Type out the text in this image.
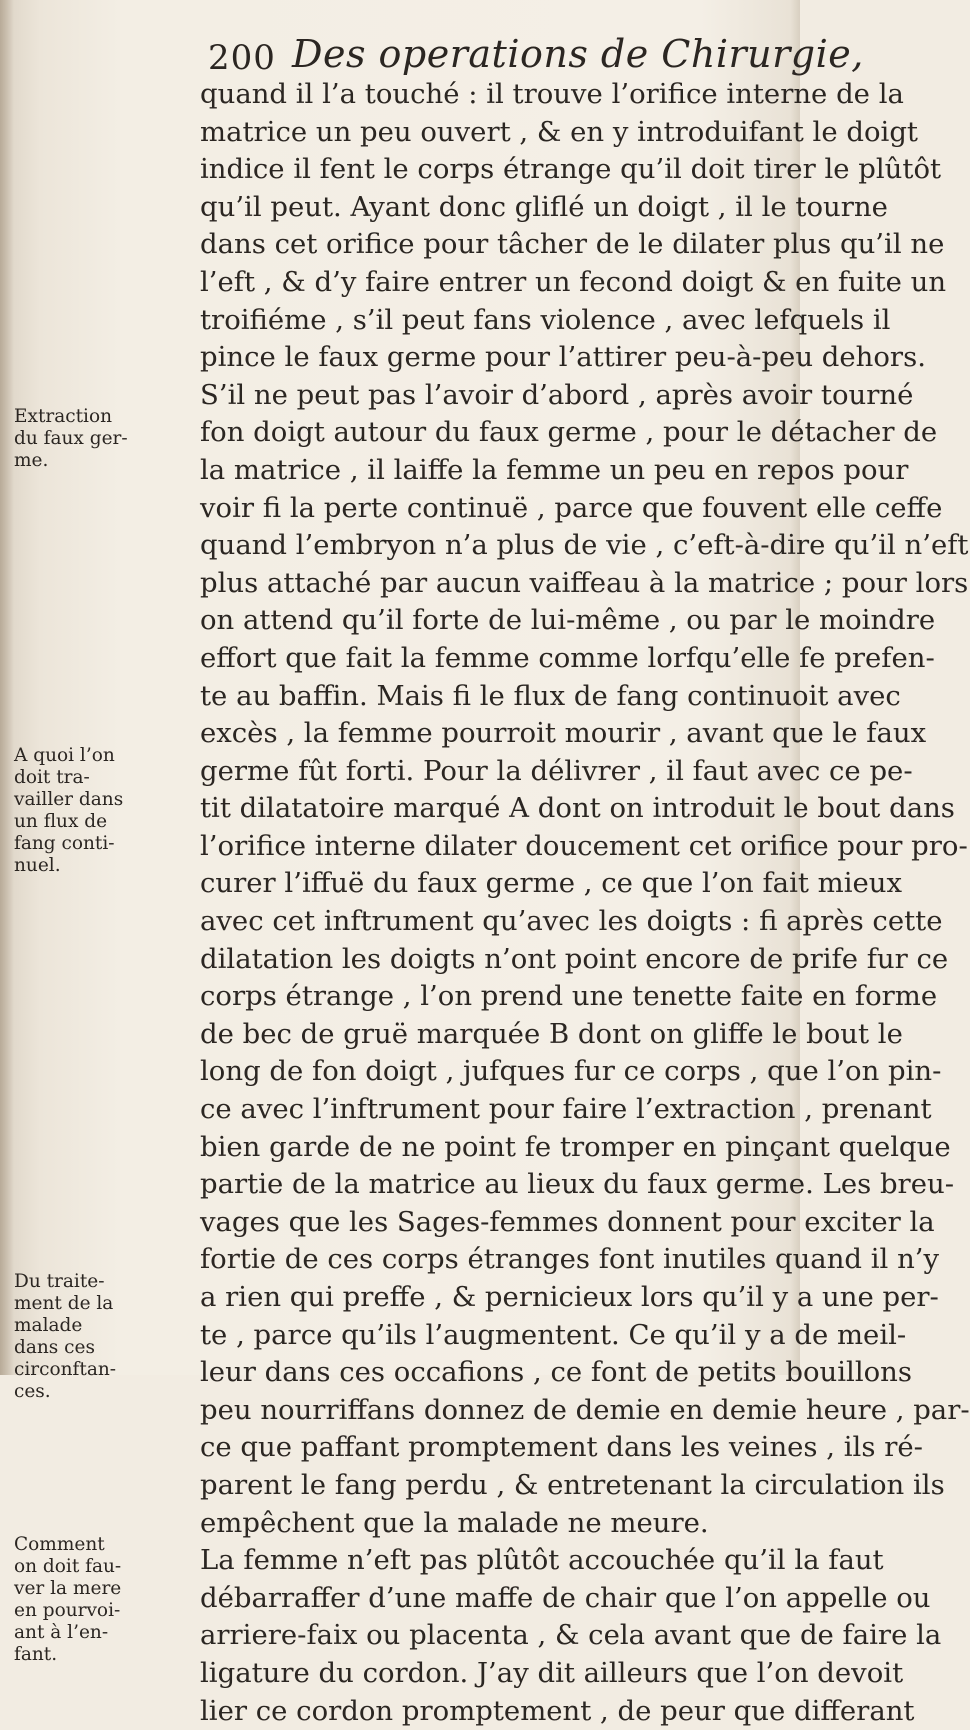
200 Des operations de Chirurgie,
quand il l’a touché : il trouve l’orifice interne de la
matrice un peu ouvert , & en y introduifant le doigt
indice il fent le corps étrange qu’il doit tirer le plûtôt
qu’il peut. Ayant donc gliflé un doigt , il le tourne
dans cet orifice pour tâcher de le dilater plus qu’il ne
l’eft , & d’y faire entrer un fecond doigt & en fuite un
troifiéme , s’il peut fans violence , avec lefquels il
pince le faux germe pour l’attirer peu-à-peu dehors.
S’il ne peut pas l’avoir d’abord , après avoir tourné
fon doigt autour du faux germe , pour le détacher de
la matrice , il laiffe la femme un peu en repos pour
voir fi la perte continuë , parce que fouvent elle ceffe
quand l’embryon n’a plus de vie , c’eft-à-dire qu’il n’eft
plus attaché par aucun vaiffeau à la matrice ; pour lors
on attend qu’il forte de lui-même , ou par le moindre
effort que fait la femme comme lorfqu’elle fe prefen-
te au baffin. Mais fi le flux de fang continuoit avec
excès , la femme pourroit mourir , avant que le faux
germe fût forti. Pour la délivrer , il faut avec ce pe-
tit dilatatoire marqué A dont on introduit le bout dans
l’orifice interne dilater doucement cet orifice pour pro-
curer l’iffuë du faux germe , ce que l’on fait mieux
avec cet inftrument qu’avec les doigts : fi après cette
dilatation les doigts n’ont point encore de prife fur ce
corps étrange , l’on prend une tenette faite en forme
de bec de gruë marquée B dont on gliffe le bout le
long de fon doigt , jufques fur ce corps , que l’on pin-
ce avec l’inftrument pour faire l’extraction , prenant
bien garde de ne point fe tromper en pinçant quelque
partie de la matrice au lieux du faux germe. Les breu-
vages que les Sages-femmes donnent pour exciter la
fortie de ces corps étranges font inutiles quand il n’y
a rien qui preffe , & pernicieux lors qu’il y a une per-
te , parce qu’ils l’augmentent. Ce qu’il y a de meil-
leur dans ces occafions , ce font de petits bouillons
peu nourriffans donnez de demie en demie heure , par-
ce que paffant promptement dans les veines , ils ré-
parent le fang perdu , & entretenant la circulation ils
empêchent que la malade ne meure.
La femme n’eft pas plûtôt accouchée qu’il la faut
débarraffer d’une maffe de chair que l’on appelle ou
arriere-faix ou placenta , & cela avant que de faire la
ligature du cordon. J’ay dit ailleurs que l’on devoit
lier ce cordon promptement , de peur que differant
Extraction
du faux ger-
me.
A quoi l’on
doit tra-
vailler dans
un flux de
fang conti-
nuel.
Du traite-
ment de la
malade
dans ces
circonftan-
ces.
Comment
on doit fau-
ver la mere
en pourvoi-
ant à l’en-
fant.
